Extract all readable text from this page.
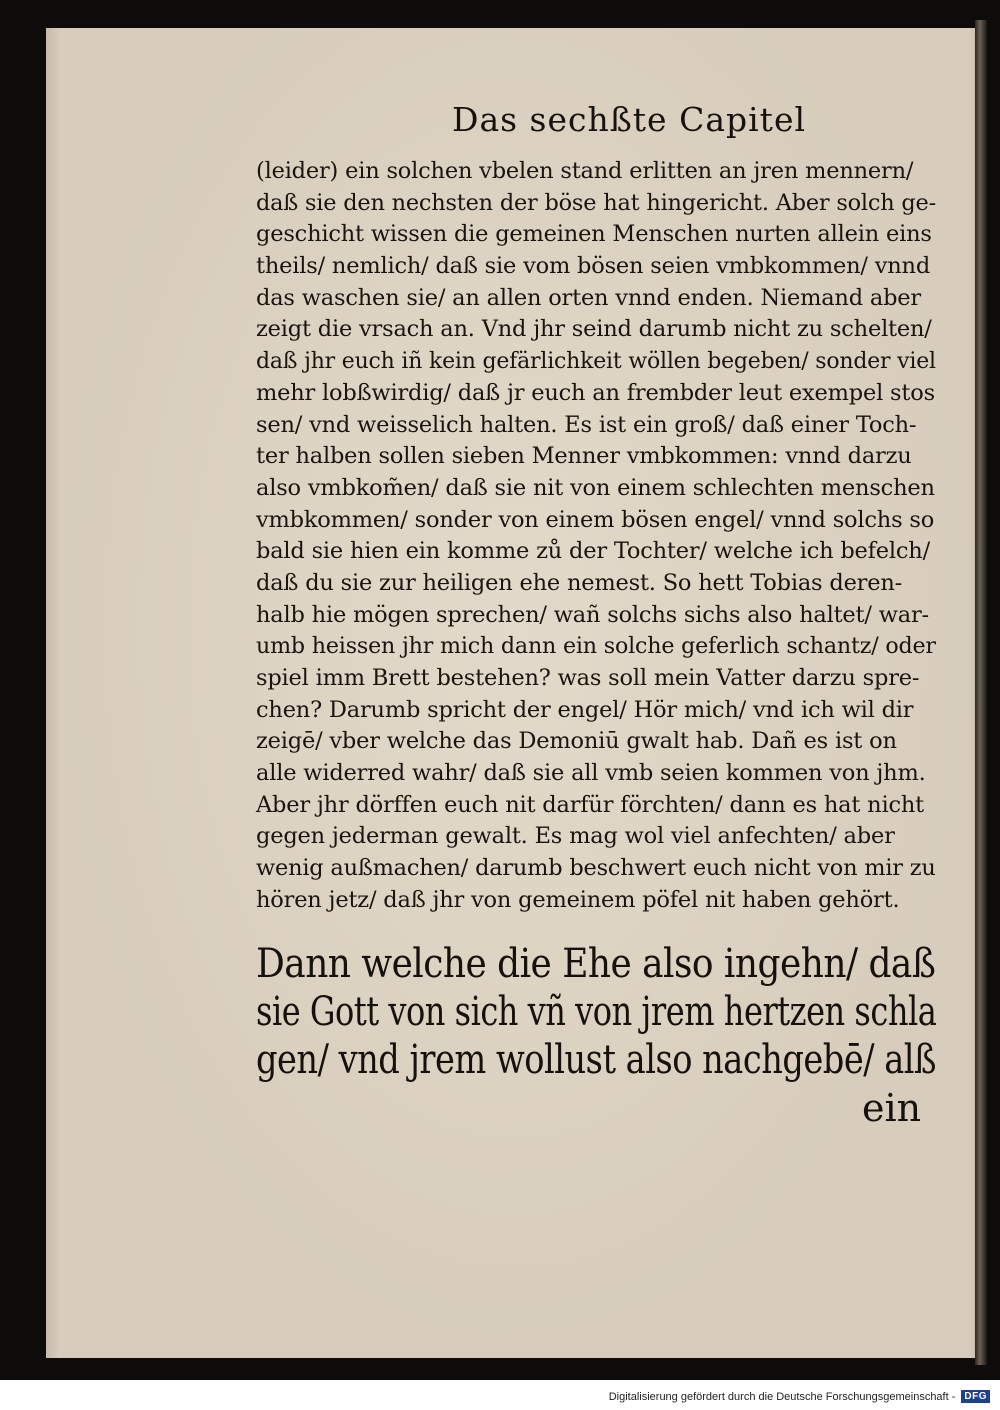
Das sechßte Capitel
(leider) ein solchen vbelen stand erlitten an jren mennern/
daß sie den nechsten der böse hat hingericht. Aber solch ge-
geschicht wissen die gemeinen Menschen nurten allein eins
theils/ nemlich/ daß sie vom bösen seien vmbkommen/ vnnd
das waschen sie/ an allen orten vnnd enden. Niemand aber
zeigt die vrsach an. Vnd jhr seind darumb nicht zu schelten/
daß jhr euch iñ kein gefärlichkeit wöllen begeben/ sonder viel
mehr lobßwirdig/ daß jr euch an frembder leut exempel stos
sen/ vnd weisselich halten. Es ist ein groß/ daß einer Toch-
ter halben sollen sieben Menner vmbkommen: vnnd darzu
also vmbkom̃en/ daß sie nit von einem schlechten menschen
vmbkommen/ sonder von einem bösen engel/ vnnd solchs so
bald sie hien ein komme zů der Tochter/ welche ich befelch/
daß du sie zur heiligen ehe nemest. So hett Tobias deren-
halb hie mögen sprechen/ wañ solchs sichs also haltet/ war-
umb heissen jhr mich dann ein solche geferlich schantz/ oder
spiel imm Brett bestehen? was soll mein Vatter darzu spre-
chen? Darumb spricht der engel/ Hör mich/ vnd ich wil dir
zeigē/ vber welche das Demoniū gwalt hab. Dañ es ist on
alle widerred wahr/ daß sie all vmb seien kommen von jhm.
Aber jhr dörffen euch nit darfür förchten/ dann es hat nicht
gegen jederman gewalt. Es mag wol viel anfechten/ aber
wenig außmachen/ darumb beschwert euch nicht von mir zu
hören jetz/ daß jhr von gemeinem pöfel nit haben gehört.
Dann welche die Ehe also ingehn/ daß
sie Gott von sich vñ von jrem hertzen schla
gen/ vnd jrem wollust also nachgebē/ alß
ein
Digitalisierung gefördert durch die Deutsche Forschungsgemeinschaft - DFG
